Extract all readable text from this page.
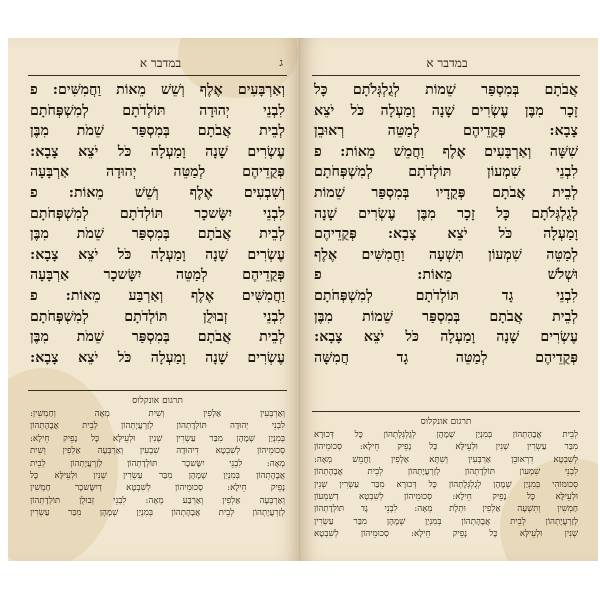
במדבר א	ג
וְאַרְבָּעִים אֶלֶף וְשֵׁשׁ מֵאוֹת וַחֲמִשִּׁים: פ
לִבְנֵי יְהוּדָה תּוֹלְדֹתָם לְמִשְׁפְּחֹתָם
לְבֵית אֲבֹתָם בְּמִסְפַּר שֵׁמֹת מִבֶּן
עֶשְׂרִים שָׁנָה וָמַעְלָה כֹּל יֹצֵא צָבָא:
פְּקֻדֵיהֶם לְמַטֵּה יְהוּדָה אַרְבָּעָה
וְשִׁבְעִים אֶלֶף וְשֵׁשׁ מֵאוֹת: פ
לִבְנֵי יִשָּׂשכָר תּוֹלְדֹתָם לְמִשְׁפְּחֹתָם
לְבֵית אֲבֹתָם בְּמִסְפַּר שֵׁמֹת מִבֶּן
עֶשְׂרִים שָׁנָה וָמַעְלָה כֹּל יֹצֵא צָבָא:
פְּקֻדֵיהֶם לְמַטֵּה יִשָּׂשכָר אַרְבָּעָה
וַחֲמִשִּׁים אֶלֶף וְאַרְבַּע מֵאוֹת: פ
לִבְנֵי זְבוּלֻן תּוֹלְדֹתָם לְמִשְׁפְּחֹתָם
לְבֵית אֲבֹתָם בְּמִסְפַּר שֵׁמֹת מִבֶּן
עֶשְׂרִים שָׁנָה וָמַעְלָה כֹּל יֹצֵא צָבָא:
תרגום אונקלוס
וְאַרְבְּעִין אַלְפִין וְשִׁית מְאָה וְחַמְשִׁין:
לִבְנֵי יְהוּדָה תּוֹלְדָתְהוֹן לְזַרְעֲיָתְהוֹן לְבֵית אֲבָהָתְהוֹן
בְּמִנְיַן שְׁמָהָן מִבַּר עַשְׂרִין שְׁנִין וּלְעֵילָּא כָּל נָפֵיק חֵילָא:
סְכוּמֵיהוֹן לְשִׁבְטָא דִיהוּדָה שִׁבְעִין וְאַרְבְּעָה אַלְפִין וְשִׁית
מְאָה: לִבְנֵי יִשָּׂשכָר תּוֹלְדָתְהוֹן לְזַרְעֲיָתְהוֹן לְבֵית
אֲבָהָתְהוֹן בְּמִנְיַן שְׁמָהָן מִבַּר עַשְׂרִין שְׁנִין וּלְעֵילָּא כָּל
נָפֵיק חֵילָא: סְכוּמֵיהוֹן לְשִׁבְטָא דְיִשָּׂשכָר חַמְשִׁין
וְאַרְבְּעָה אַלְפִין וְאַרְבַּע מְאָה: לִבְנֵי זְבוּלֻן תּוֹלְדָתְהוֹן
לְזַרְעֲיָתְהוֹן לְבֵית אֲבָהָתְהוֹן בְּמִנְיַן שְׁמָהָן מִבַּר עַשְׂרִין
במדבר א
אֲבֹתָם בְּמִסְפַּר שֵׁמוֹת לְגֻלְגְּלֹתָם כָּל
זָכָר מִבֶּן עֶשְׂרִים שָׁנָה וָמַעְלָה כֹּל יֹצֵא
צָבָא: פְּקֻדֵיהֶם לְמַטֵּה רְאוּבֵן
שִׁשָּׁה וְאַרְבָּעִים אֶלֶף וַחֲמֵשׁ מֵאוֹת: פ
לִבְנֵי שִׁמְעוֹן תּוֹלְדֹתָם לְמִשְׁפְּחֹתָם
לְבֵית אֲבֹתָם פְּקֻדָיו בְּמִסְפַּר שֵׁמוֹת
לְגֻלְגְּלֹתָם כָּל זָכָר מִבֶּן עֶשְׂרִים שָׁנָה
וָמַעְלָה כֹּל יֹצֵא צָבָא: פְּקֻדֵיהֶם
לְמַטֵּה שִׁמְעוֹן תִּשְׁעָה וַחֲמִשִּׁים אֶלֶף
וּשְׁלֹשׁ מֵאוֹת: פ
לִבְנֵי גָד תּוֹלְדֹתָם לְמִשְׁפְּחֹתָם
לְבֵית אֲבֹתָם בְּמִסְפַּר שֵׁמוֹת מִבֶּן
עֶשְׂרִים שָׁנָה וָמַעְלָה כֹּל יֹצֵא צָבָא:
פְּקֻדֵיהֶם לְמַטֵּה גָד חֲמִשָּׁה
תרגום אונקלוס
לְבֵית אֲבָהָתְהוֹן בְּמִנְיַן שְׁמָהָן לְגֻלְגְּלָתְהוֹן כָּל דְּכוּרָא
מִבַּר עַשְׂרִין שְׁנִין וּלְעֵילָּא כָּל נָפֵיק חֵילָא: סְכוּמֵיהוֹן
לְשִׁבְטָא דִרְאוּבֵן אַרְבְּעִין וְשִׁתָּא אַלְפִין וַחֲמֵשׁ מְאָה:
לִבְנֵי שִׁמְעוֹן תּוֹלְדָתְהוֹן לְזַרְעֲיָתְהוֹן לְבֵית אֲבָהָתְהוֹן
סְכוּמוֹהִי בְּמִנְיַן שְׁמָהָן לְגֻלְגְּלָתְהוֹן כָּל דְּכוּרָא מִבַּר עַשְׂרִין שְׁנִין
וּלְעֵילָּא כָּל נָפֵיק חֵילָא: סְכוּמֵיהוֹן לְשִׁבְטָא דְשִׁמְעוֹן
חַמְשִׁין וְתִשְׁעָה אַלְפִין וּתְלָת מְאָה: לִבְנֵי גָד תּוֹלְדָתְהוֹן
לְזַרְעֲיָתְהוֹן לְבֵית אֲבָהָתְהוֹן בְּמִנְיַן שְׁמָהָן מִבַּר עַשְׂרִין
שְׁנִין וּלְעֵילָּא כָּל נָפֵיק חֵילָא: סְכוּמֵיהוֹן לְשִׁבְטָא
